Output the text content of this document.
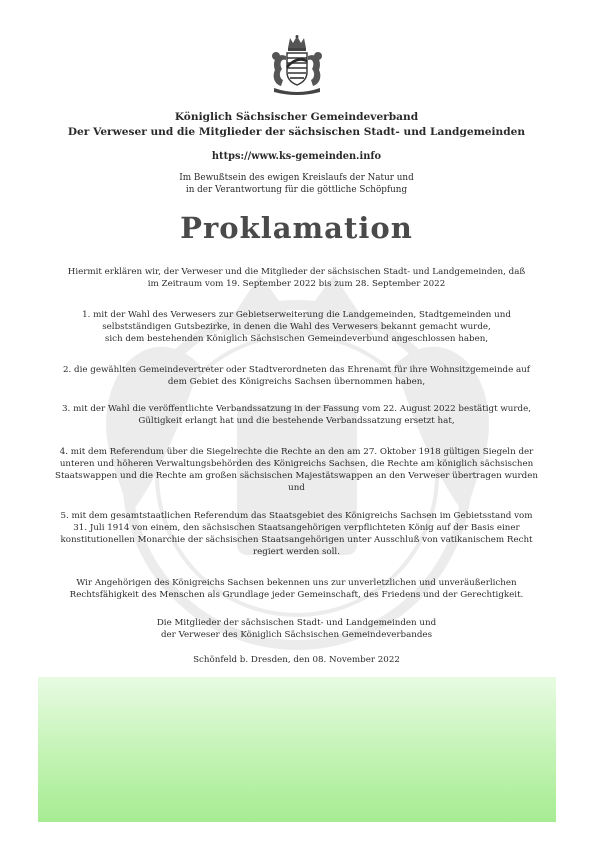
Königlich Sächsischer Gemeindeverband
Der Verweser und die Mitglieder der sächsischen Stadt- und Landgemeinden
https://www.ks-gemeinden.info
Im Bewußtsein des ewigen Kreislaufs der Natur und
in der Verantwortung für die göttliche Schöpfung
Proklamation
Hiermit erklären wir, der Verweser und die Mitglieder der sächsischen Stadt- und Landgemeinden, daß
im Zeitraum vom 19. September 2022 bis zum 28. September 2022
1. mit der Wahl des Verwesers zur Gebietserweiterung die Landgemeinden, Stadtgemeinden und
selbstständigen Gutsbezirke, in denen die Wahl des Verwesers bekannt gemacht wurde,
sich dem bestehenden Königlich Sächsischen Gemeindeverbund angeschlossen haben,
2. die gewählten Gemeindevertreter oder Stadtverordneten das Ehrenamt für ihre Wohnsitzgemeinde auf
dem Gebiet des Königreichs Sachsen übernommen haben,
3. mit der Wahl die veröffentlichte Verbandssatzung in der Fassung vom 22. August 2022 bestätigt wurde,
Gültigkeit erlangt hat und die bestehende Verbandssatzung ersetzt hat,
4. mit dem Referendum über die Siegelrechte die Rechte an den am 27. Oktober 1918 gültigen Siegeln der
unteren und höheren Verwaltungsbehörden des Königreichs Sachsen, die Rechte am königlich sächsischen
Staatswappen und die Rechte am großen sächsischen Majestätswappen an den Verweser übertragen wurden
und
5. mit dem gesamtstaatlichen Referendum das Staatsgebiet des Königreichs Sachsen im Gebietsstand vom
31. Juli 1914 von einem, den sächsischen Staatsangehörigen verpflichteten König auf der Basis einer
konstitutionellen Monarchie der sächsischen Staatsangehörigen unter Ausschluß von vatikanischem Recht
regiert werden soll.
Wir Angehörigen des Königreichs Sachsen bekennen uns zur unverletzlichen und unveräußerlichen
Rechtsfähigkeit des Menschen als Grundlage jeder Gemeinschaft, des Friedens und der Gerechtigkeit.
Die Mitglieder der sächsischen Stadt- und Landgemeinden und
der Verweser des Königlich Sächsischen Gemeindeverbandes
Schönfeld b. Dresden, den 08. November 2022
